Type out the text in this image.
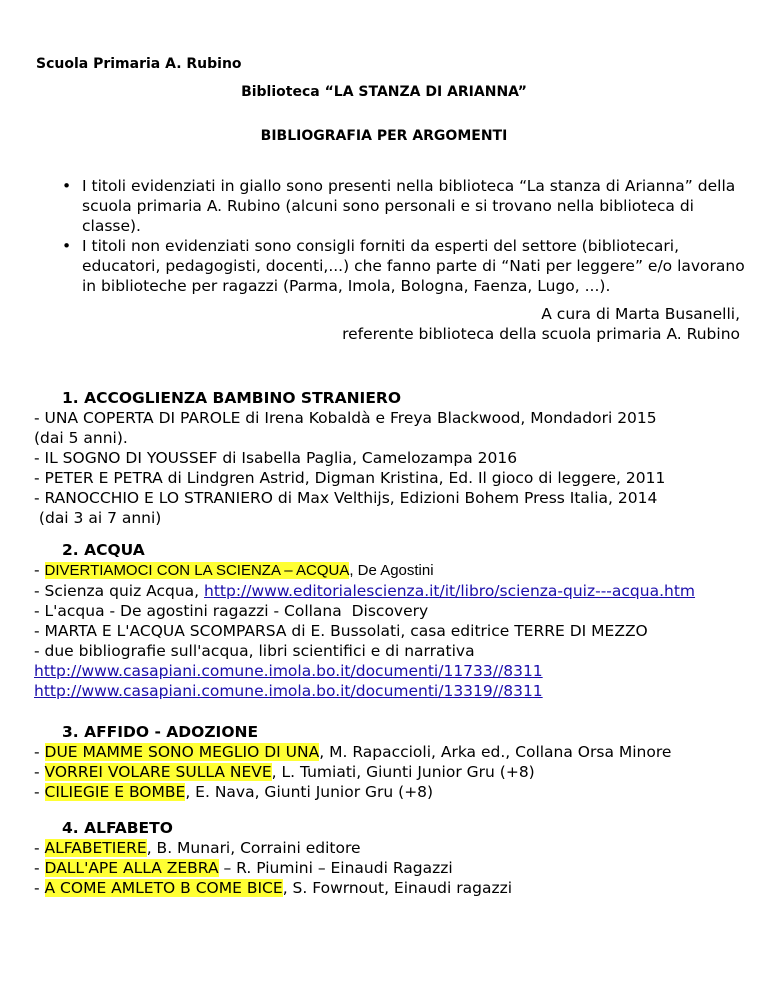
Scuola Primaria A. Rubino
Biblioteca “LA STANZA DI ARIANNA”
BIBLIOGRAFIA PER ARGOMENTI
• I titoli evidenziati in giallo sono presenti nella biblioteca “La stanza di Arianna” della scuola primaria A. Rubino (alcuni sono personali e si trovano nella biblioteca di classe).
• I titoli non evidenziati sono consigli forniti da esperti del settore (bibliotecari, educatori, pedagogisti, docenti,...) che fanno parte di “Nati per leggere” e/o lavorano in biblioteche per ragazzi (Parma, Imola, Bologna, Faenza, Lugo, ...).
A cura di Marta Busanelli,
referente biblioteca della scuola primaria A. Rubino
1. ACCOGLIENZA BAMBINO STRANIERO
- UNA COPERTA DI PAROLE di Irena Kobaldà e Freya Blackwood, Mondadori 2015
(dai 5 anni).
- IL SOGNO DI YOUSSEF di Isabella Paglia, Camelozampa 2016
- PETER E PETRA di Lindgren Astrid, Digman Kristina, Ed. Il gioco di leggere, 2011
- RANOCCHIO E LO STRANIERO di Max Velthijs, Edizioni Bohem Press Italia, 2014
(dai 3 ai 7 anni)
2. ACQUA
- DIVERTIAMOCI CON LA SCIENZA – ACQUA, De Agostini
- Scienza quiz Acqua, http://www.editorialescienza.it/it/libro/scienza-quiz---acqua.htm
- L'acqua - De agostini ragazzi - Collana  Discovery
- MARTA E L'ACQUA SCOMPARSA di E. Bussolati, casa editrice TERRE DI MEZZO
- due bibliografie sull'acqua, libri scientifici e di narrativa
http://www.casapiani.comune.imola.bo.it/documenti/11733//8311
http://www.casapiani.comune.imola.bo.it/documenti/13319//8311
3. AFFIDO - ADOZIONE
- DUE MAMME SONO MEGLIO DI UNA, M. Rapaccioli, Arka ed., Collana Orsa Minore
- VORREI VOLARE SULLA NEVE, L. Tumiati, Giunti Junior Gru (+8)
- CILIEGIE E BOMBE, E. Nava, Giunti Junior Gru (+8)
4. ALFABETO
- ALFABETIERE, B. Munari, Corraini editore
- DALL'APE ALLA ZEBRA – R. Piumini – Einaudi Ragazzi
- A COME AMLETO B COME BICE, S. Fowrnout, Einaudi ragazzi
